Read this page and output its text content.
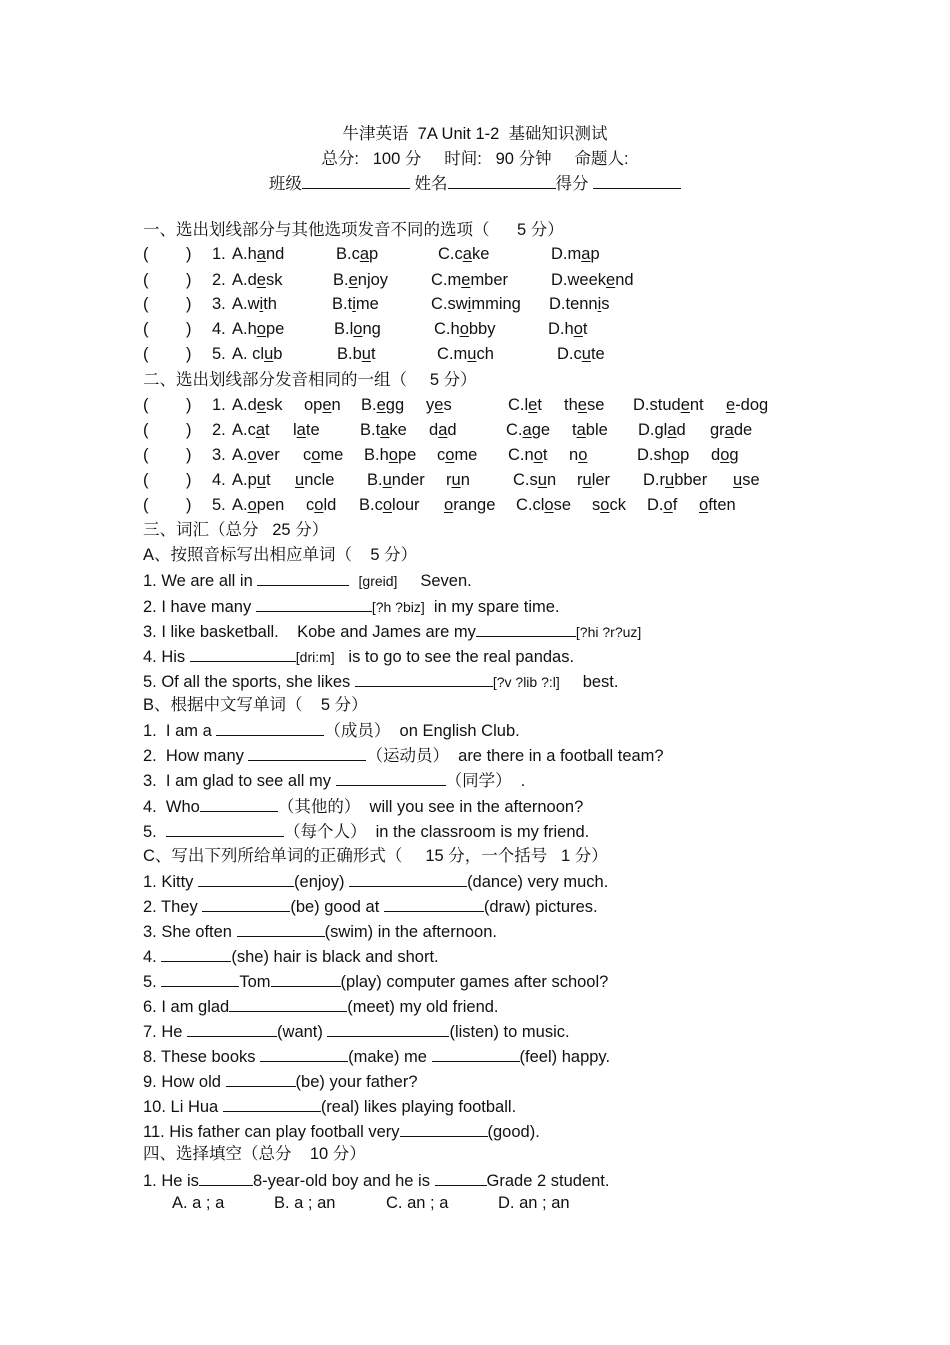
牛津英语  7A Unit 1-2  基础知识测试
总分:   100 分     时间:   90 分钟     命题人:
班级	姓名	得分
一、选出划线部分与其他选项发音不同的选项（      5 分）
( ) 1. A.hand	B.cap	C.cake	D.map
( ) 2. A.desk	B.enjoy	C.member	D.weekend
( ) 3. A.with	B.time	C.swimming D.tennis
( ) 4. A.hope	B.long	C.hobby	D.hot
( ) 5. A. club	B.but	C.much	D.cute
二、选出划线部分发音相同的一组（     5 分）
( ) 1. A.desk open B.egg yes	C.let these D.student e-dog
( ) 2. A.cat late B.take dad	C.age table D.glad grade
( ) 3. A.over come B.hope come C.not no	D.shop dog
( ) 4. A.put uncle B.under run	C.sun ruler D.rubber use
( ) 5. A.open cold B.colour orange C.close sock D.of often
三、词汇（总分   25 分）
A、按照音标写出相应单词（    5 分）
1. We are all in	[greid] Seven.
2. I have many	[?h ?biz] in my spare time.
3. I like basketball.    Kobe and James are my	[?hi ?r?uz]
4. His	[dri:m] is to go to see the real pandas.
5. Of all the sports, she likes	[?v ?lib ?:l] best.
B、根据中文写单词（    5 分）
1.  I am a	（成员） on English Club.
2.  How many	（运动员） are there in a football team?
3.  I am glad to see all my	（同学） .
4.  Who	（其他的） will you see in the afternoon?
5.	（每个人） in the classroom is my friend.
C、写出下列所给单词的正确形式（     15 分，一个括号   1 分）
1. Kitty	(enjoy)	(dance) very much.
2. They	(be) good at	(draw) pictures.
3. She often	(swim) in the afternoon.
4.	(she) hair is black and short.
5.	Tom	(play) computer games after school?
6. I am glad	(meet) my old friend.
7. He	(want)	(listen) to music.
8. These books	(make) me	(feel) happy.
9. How old	(be) your father?
10. Li Hua	(real) likes playing football.
11. His father can play football very	(good).
四、选择填空（总分    10 分）
1. He is	8-year-old boy and he is	Grade 2 student.
A. a ; a	B. a ; an	C. an ; a	D. an ; an
